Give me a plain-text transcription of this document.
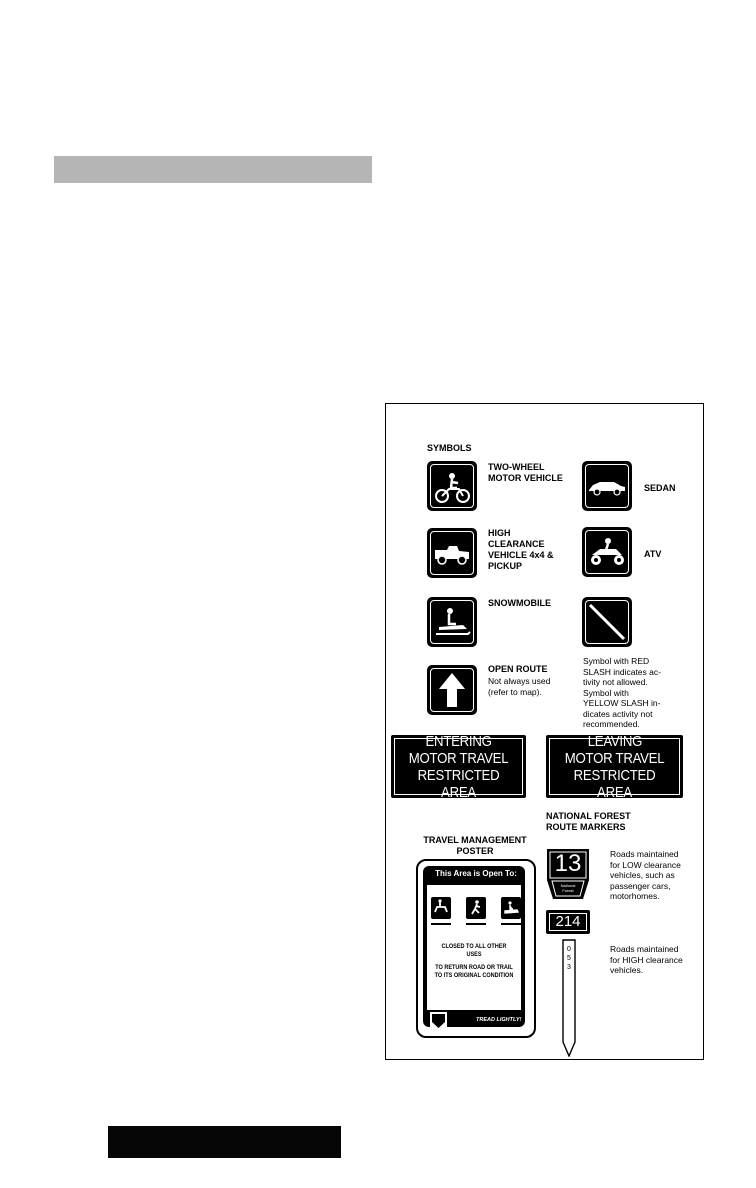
SYMBOLS
TWO-WHEEL
MOTOR VEHICLE
SEDAN
HIGH
CLEARANCE
VEHICLE 4x4 &
PICKUP
ATV
SNOWMOBILE
OPEN ROUTE
Not always used
(refer to map).
Symbol with RED
SLASH indicates ac-
tivity not allowed.
Symbol with
YELLOW SLASH in-
dicates activity not
recommended.
ENTERING
MOTOR TRAVEL
RESTRICTED AREA
LEAVING
MOTOR TRAVEL
RESTRICTED AREA
TRAVEL MANAGEMENT
POSTER
This Area is Open To:
CLOSED TO ALL OTHER USES
TO RETURN ROAD OR TRAIL
TO ITS ORIGINAL CONDITION
TREAD LIGHTLY!
NATIONAL FOREST
ROUTE MARKERS
13
National
Forest
Roads maintained
for LOW clearance
vehicles, such as
passenger cars,
motorhomes.
214
0
5
3
Roads maintained
for HIGH clearance
vehicles.
